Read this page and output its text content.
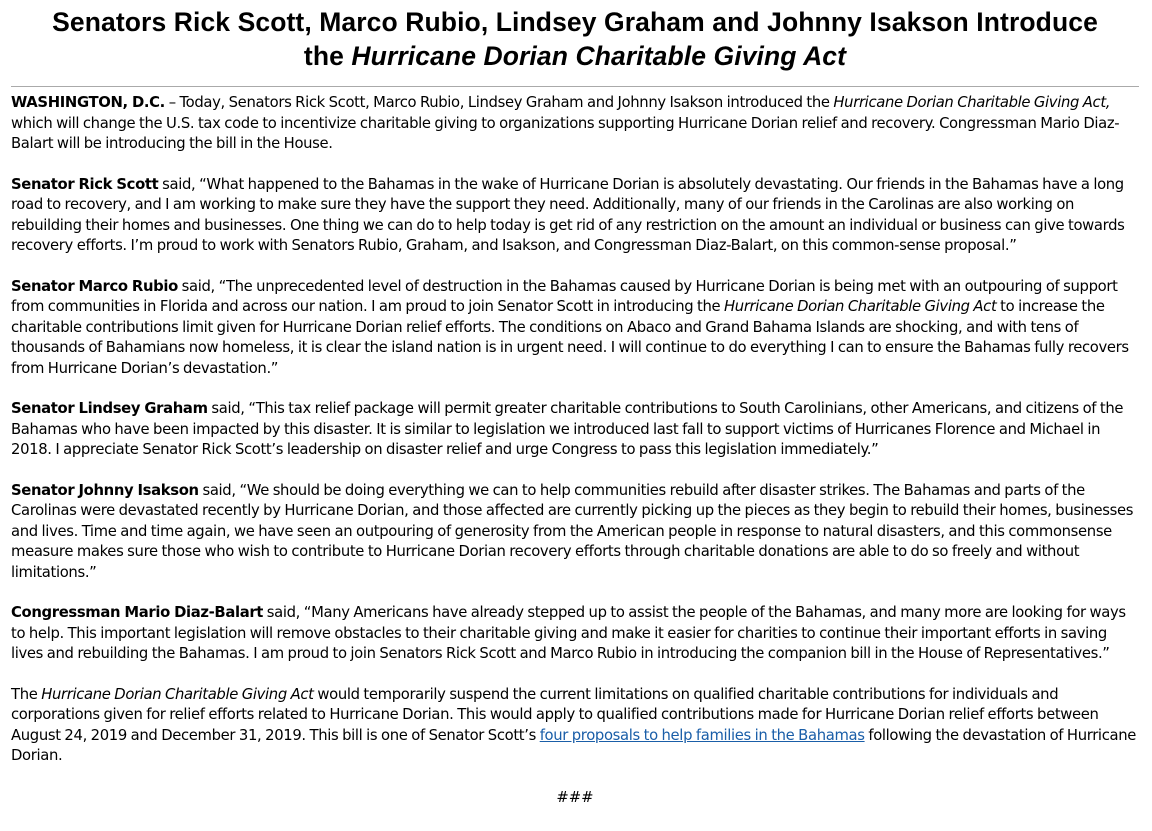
Senators Rick Scott, Marco Rubio, Lindsey Graham and Johnny Isakson Introduce
the Hurricane Dorian Charitable Giving Act

WASHINGTON, D.C. – Today, Senators Rick Scott, Marco Rubio, Lindsey Graham and Johnny Isakson introduced the Hurricane Dorian Charitable Giving Act, which will change the U.S. tax code to incentivize charitable giving to organizations supporting Hurricane Dorian relief and recovery. Congressman Mario Diaz-Balart will be introducing the bill in the House.

Senator Rick Scott said, “What happened to the Bahamas in the wake of Hurricane Dorian is absolutely devastating. Our friends in the Bahamas have a long road to recovery, and I am working to make sure they have the support they need. Additionally, many of our friends in the Carolinas are also working on rebuilding their homes and businesses. One thing we can do to help today is get rid of any restriction on the amount an individual or business can give towards recovery efforts. I’m proud to work with Senators Rubio, Graham, and Isakson, and Congressman Diaz-Balart, on this common-sense proposal.”

Senator Marco Rubio said, “The unprecedented level of destruction in the Bahamas caused by Hurricane Dorian is being met with an outpouring of support from communities in Florida and across our nation. I am proud to join Senator Scott in introducing the Hurricane Dorian Charitable Giving Act to increase the charitable contributions limit given for Hurricane Dorian relief efforts. The conditions on Abaco and Grand Bahama Islands are shocking, and with tens of thousands of Bahamians now homeless, it is clear the island nation is in urgent need. I will continue to do everything I can to ensure the Bahamas fully recovers from Hurricane Dorian’s devastation.”

Senator Lindsey Graham said, “This tax relief package will permit greater charitable contributions to South Carolinians, other Americans, and citizens of the Bahamas who have been impacted by this disaster. It is similar to legislation we introduced last fall to support victims of Hurricanes Florence and Michael in 2018. I appreciate Senator Rick Scott’s leadership on disaster relief and urge Congress to pass this legislation immediately.”

Senator Johnny Isakson said, “We should be doing everything we can to help communities rebuild after disaster strikes. The Bahamas and parts of the Carolinas were devastated recently by Hurricane Dorian, and those affected are currently picking up the pieces as they begin to rebuild their homes, businesses and lives. Time and time again, we have seen an outpouring of generosity from the American people in response to natural disasters, and this commonsense measure makes sure those who wish to contribute to Hurricane Dorian recovery efforts through charitable donations are able to do so freely and without limitations.”

Congressman Mario Diaz-Balart said, “Many Americans have already stepped up to assist the people of the Bahamas, and many more are looking for ways to help. This important legislation will remove obstacles to their charitable giving and make it easier for charities to continue their important efforts in saving lives and rebuilding the Bahamas. I am proud to join Senators Rick Scott and Marco Rubio in introducing the companion bill in the House of Representatives.”

The Hurricane Dorian Charitable Giving Act would temporarily suspend the current limitations on qualified charitable contributions for individuals and corporations given for relief efforts related to Hurricane Dorian. This would apply to qualified contributions made for Hurricane Dorian relief efforts between August 24, 2019 and December 31, 2019. This bill is one of Senator Scott’s four proposals to help families in the Bahamas following the devastation of Hurricane Dorian.

###
